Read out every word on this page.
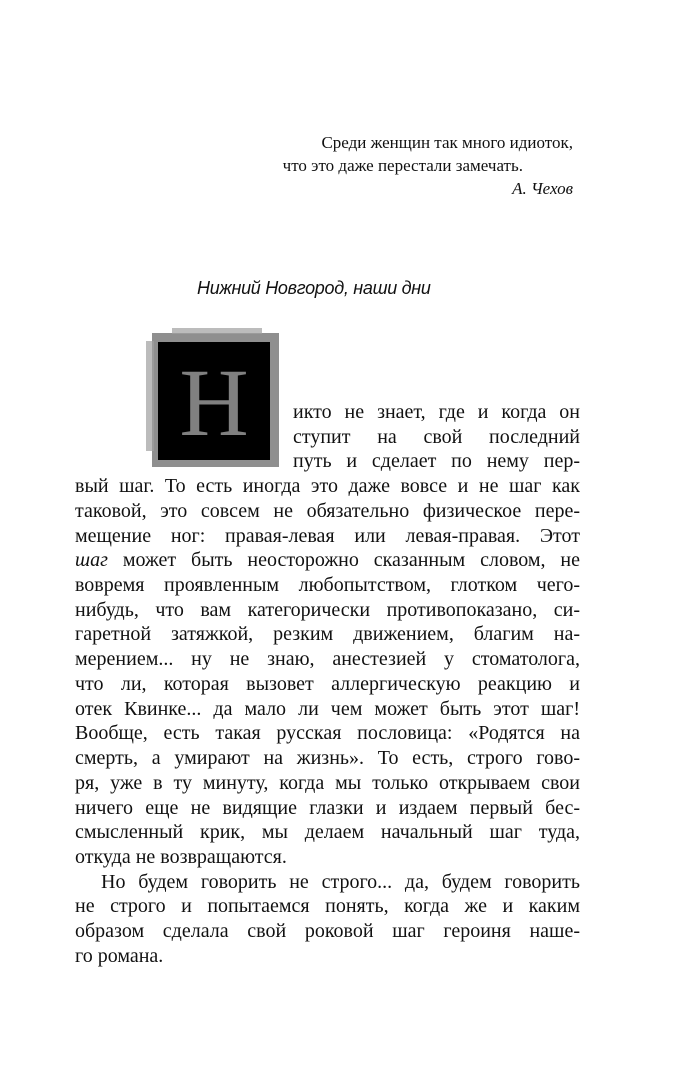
Среди женщин так много идиоток,
что это даже перестали замечать.
А. Чехов
Нижний Новгород, наши дни
Н икто не знает, где и когда он
ступит на свой последний
путь и сделает по нему пер-
вый шаг. То есть иногда это даже вовсе и не шаг как
таковой, это совсем не обязательно физическое пере-
мещение ног: правая-левая или левая-правая. Этот
шаг может быть неосторожно сказанным словом, не
вовремя проявленным любопытством, глотком чего-
нибудь, что вам категорически противопоказано, си-
гаретной затяжкой, резким движением, благим на-
мерением... ну не знаю, анестезией у стоматолога,
что ли, которая вызовет аллергическую реакцию и
отек Квинке... да мало ли чем может быть этот шаг!
Вообще, есть такая русская пословица: «Родятся на
смерть, а умирают на жизнь». То есть, строго гово-
ря, уже в ту минуту, когда мы только открываем свои
ничего еще не видящие глазки и издаем первый бес-
смысленный крик, мы делаем начальный шаг туда,
откуда не возвращаются.
Но будем говорить не строго... да, будем говорить
не строго и попытаемся понять, когда же и каким
образом сделала свой роковой шаг героиня наше-
го романа.
